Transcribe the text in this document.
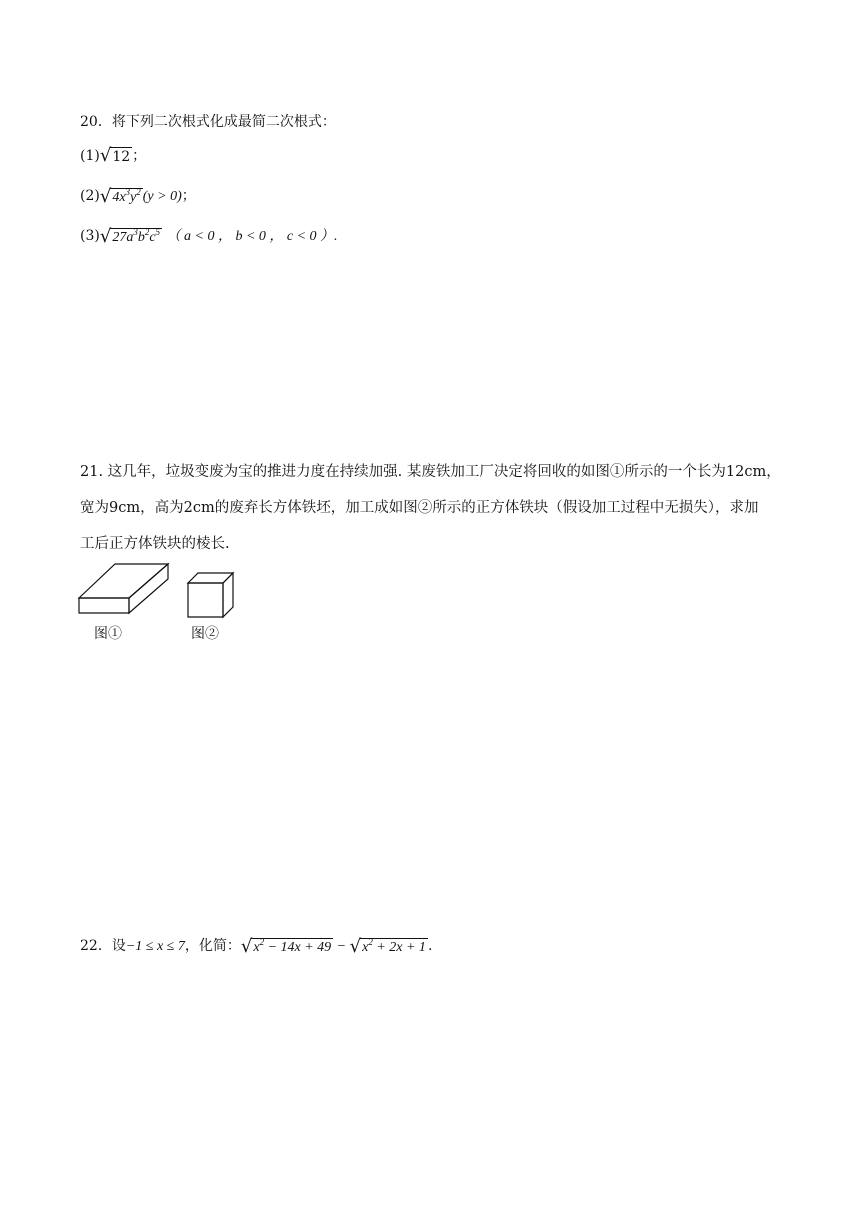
20．将下列二次根式化成最简二次根式：
(1) √ 12 ；
(2) √ $4x^3y^2$ (y > 0)；
(3) √ $27a^3b^2c^5$ （ a < 0 ， b < 0 ， c < 0 ）.
21. 这几年，垃圾变废为宝的推进力度在持续加强. 某废铁加工厂决定将回收的如图①所示的一个长为12cm，
宽为9cm，高为2cm的废弃长方体铁坯，加工成如图②所示的正方体铁块（假设加工过程中无损失），求加
工后正方体铁块的棱长.
图①	图②
22．设−1 ≤ x ≤ 7，化简： √ $x^2 - 14x + 49$ − √ $x^2 + 2x + 1$ .
